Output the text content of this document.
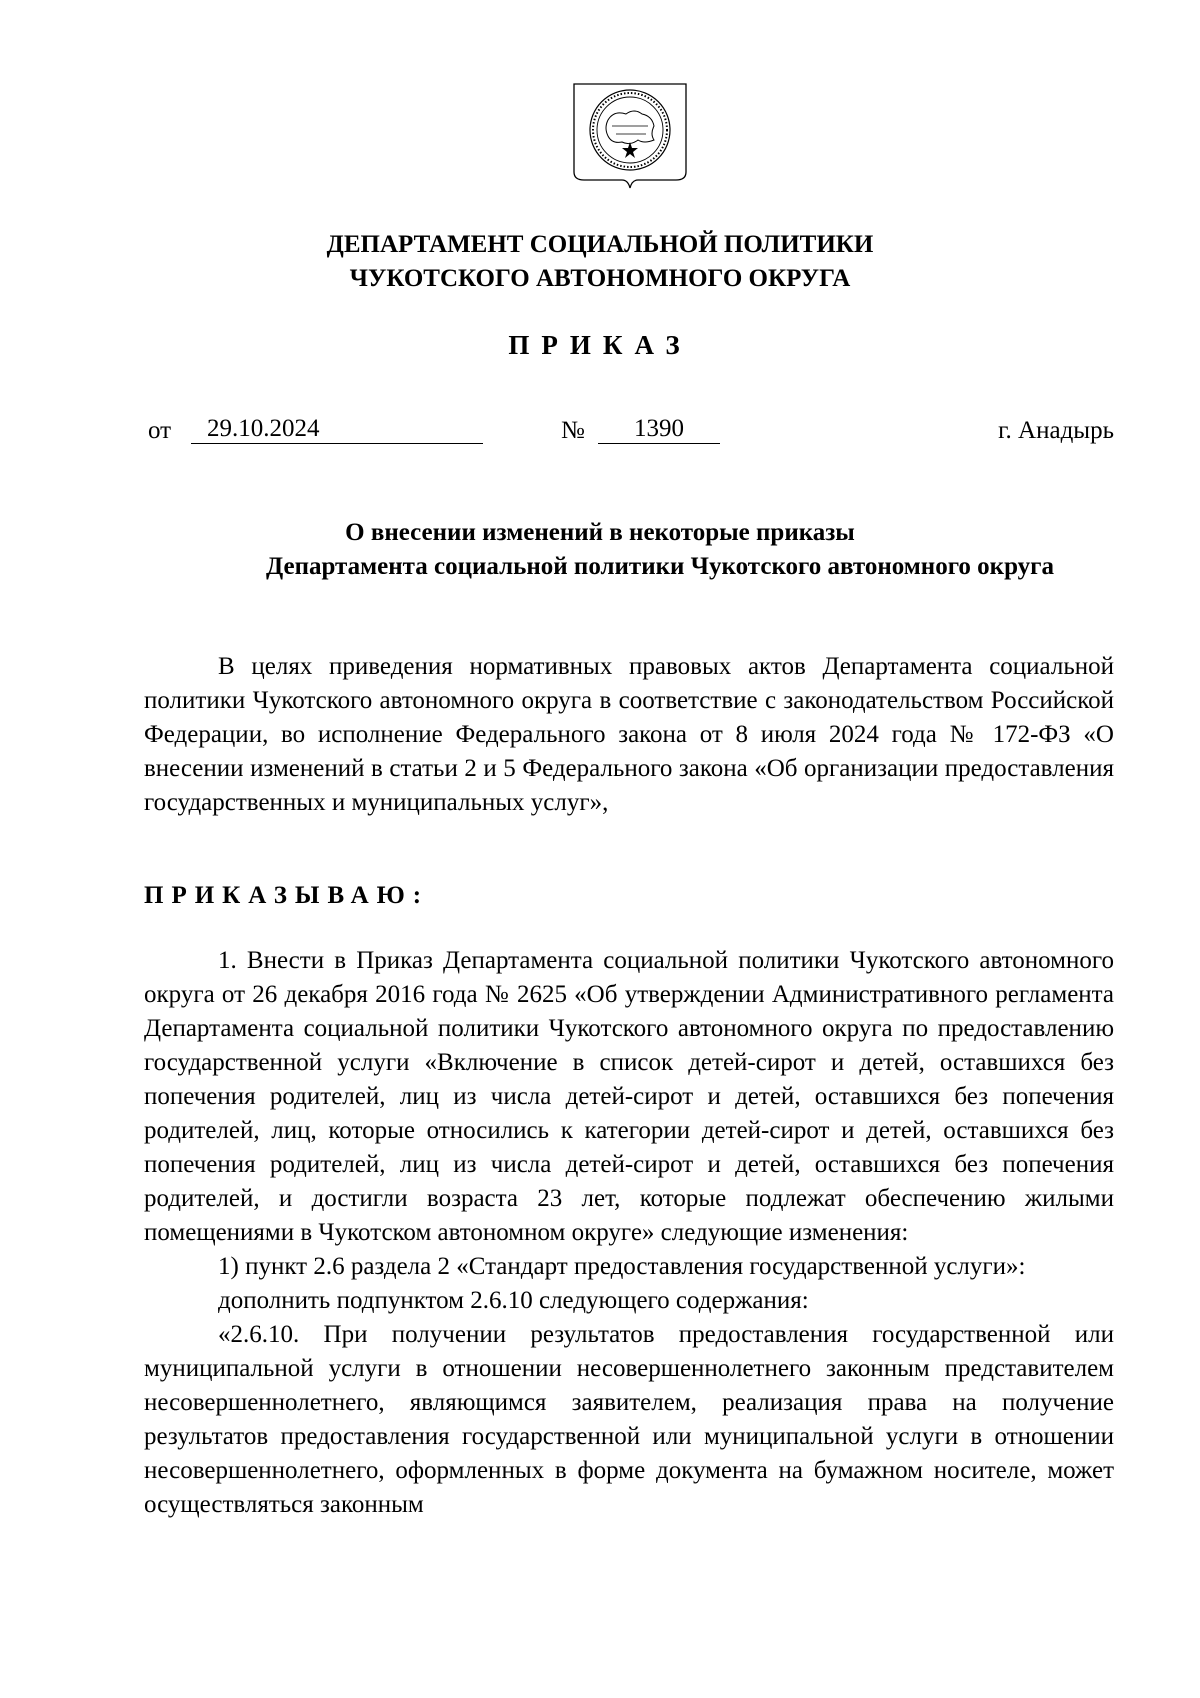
ДЕПАРТАМЕНТ СОЦИАЛЬНОЙ ПОЛИТИКИ
ЧУКОТСКОГО АВТОНОМНОГО ОКРУГА
ПРИКАЗ
от	29.10.2024	№	1390	г. Анадырь
О внесении изменений в некоторые приказы
Департамента социальной политики Чукотского автономного округа

В целях приведения нормативных правовых актов Департамента социальной политики Чукотского автономного округа в соответствие с законодательством Российской Федерации, во исполнение Федерального закона от 8 июля 2024 года № 172-ФЗ «О внесении изменений в статьи 2 и 5 Федерального закона «Об организации предоставления государственных и муниципальных услуг»,

ПРИКАЗЫВАЮ:

1. Внести в Приказ Департамента социальной политики Чукотского автономного округа от 26 декабря 2016 года № 2625 «Об утверждении Административного регламента Департамента социальной политики Чукотского автономного округа по предоставлению государственной услуги «Включение в список детей-сирот и детей, оставшихся без попечения родителей, лиц из числа детей-сирот и детей, оставшихся без попечения родителей, лиц, которые относились к категории детей-сирот и детей, оставшихся без попечения родителей, лиц из числа детей-сирот и детей, оставшихся без попечения родителей, и достигли возраста 23 лет, которые подлежат обеспечению жилыми помещениями в Чукотском автономном округе» следующие изменения:

1) пункт 2.6 раздела 2 «Стандарт предоставления государственной услуги»:

дополнить подпунктом 2.6.10 следующего содержания:

«2.6.10. При получении результатов предоставления государственной или муниципальной услуги в отношении несовершеннолетнего законным представителем несовершеннолетнего, являющимся заявителем, реализация права на получение результатов предоставления государственной или муниципальной услуги в отношении несовершеннолетнего, оформленных в форме документа на бумажном носителе, может осуществляться законным
